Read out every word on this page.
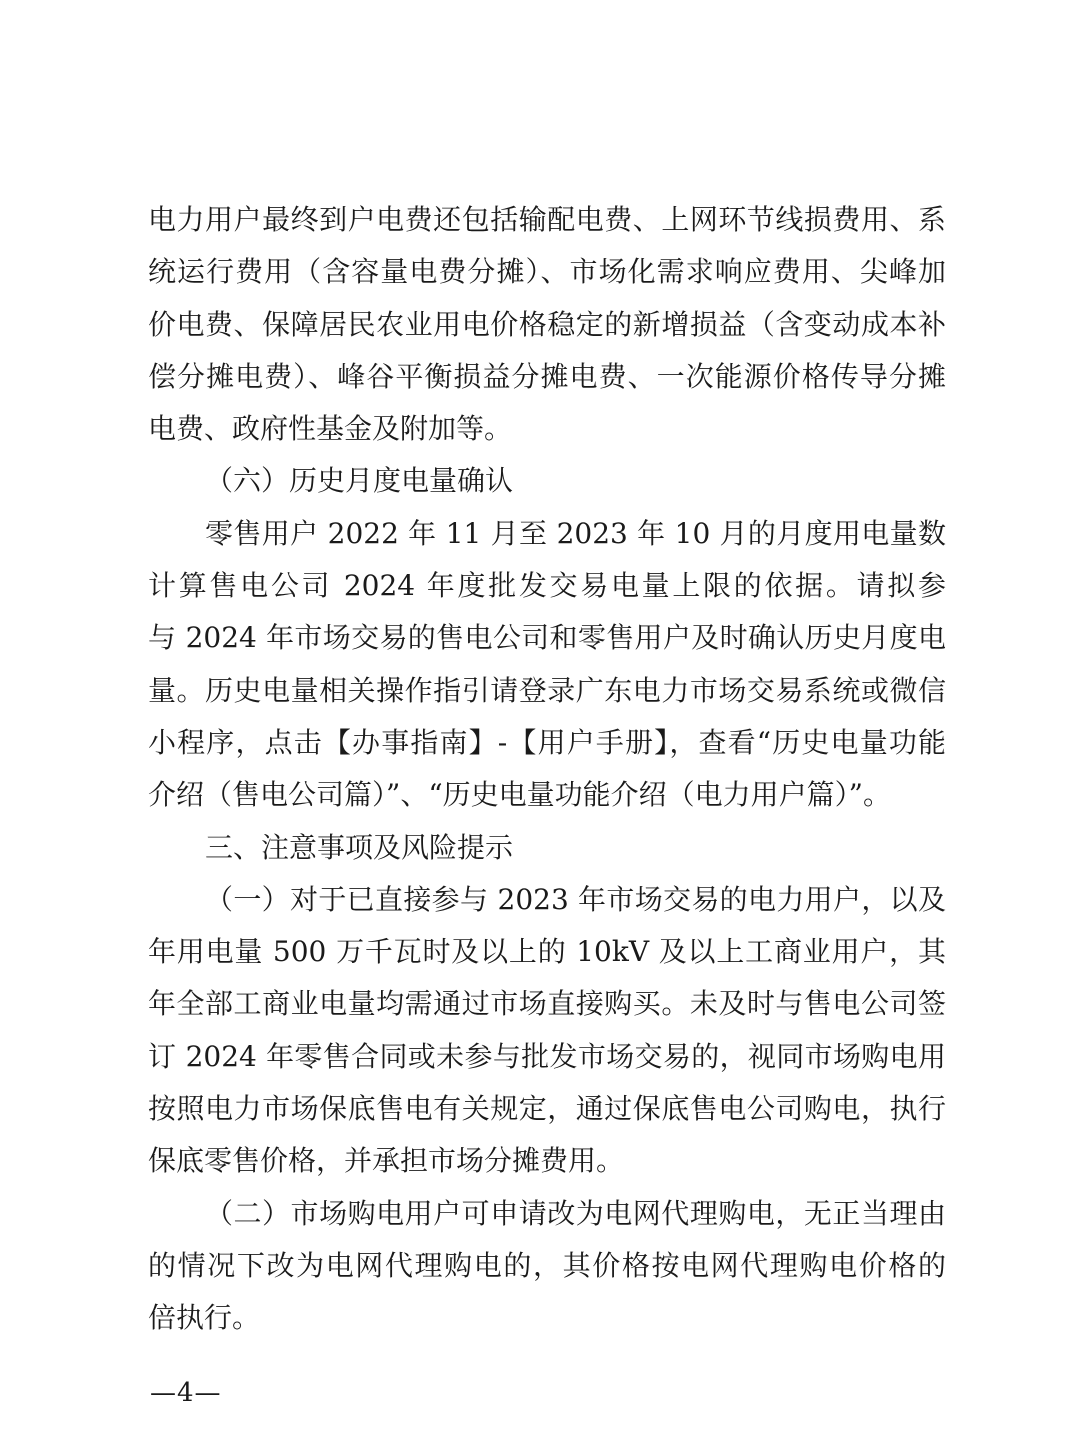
电力用户最终到户电费还包括输配电费、上网环节线损费用、系
统运行费用（含容量电费分摊）、市场化需求响应费用、尖峰加
价电费、保障居民农业用电价格稳定的新增损益（含变动成本补
偿分摊电费）、峰谷平衡损益分摊电费、一次能源价格传导分摊
电费、政府性基金及附加等。
（六）历史月度电量确认
零售用户 2022 年 11 月至 2023 年 10 月的月度用电量数
计算售电公司 2024 年度批发交易电量上限的依据。请拟参
与 2024 年市场交易的售电公司和零售用户及时确认历史月度电
量。历史电量相关操作指引请登录广东电力市场交易系统或微信
小程序，点击【办事指南】-【用户手册】，查看“历史电量功能
介绍（售电公司篇）”、“历史电量功能介绍（电力用户篇）”。
三、注意事项及风险提示
（一）对于已直接参与 2023 年市场交易的电力用户，以及
年用电量 500 万千瓦时及以上的 10kV 及以上工商业用户，其
年全部工商业电量均需通过市场直接购买。未及时与售电公司签
订 2024 年零售合同或未参与批发市场交易的，视同市场购电用
按照电力市场保底售电有关规定，通过保底售电公司购电，执行
保底零售价格，并承担市场分摊费用。
（二）市场购电用户可申请改为电网代理购电，无正当理由
的情况下改为电网代理购电的，其价格按电网代理购电价格的
倍执行。
—4—
